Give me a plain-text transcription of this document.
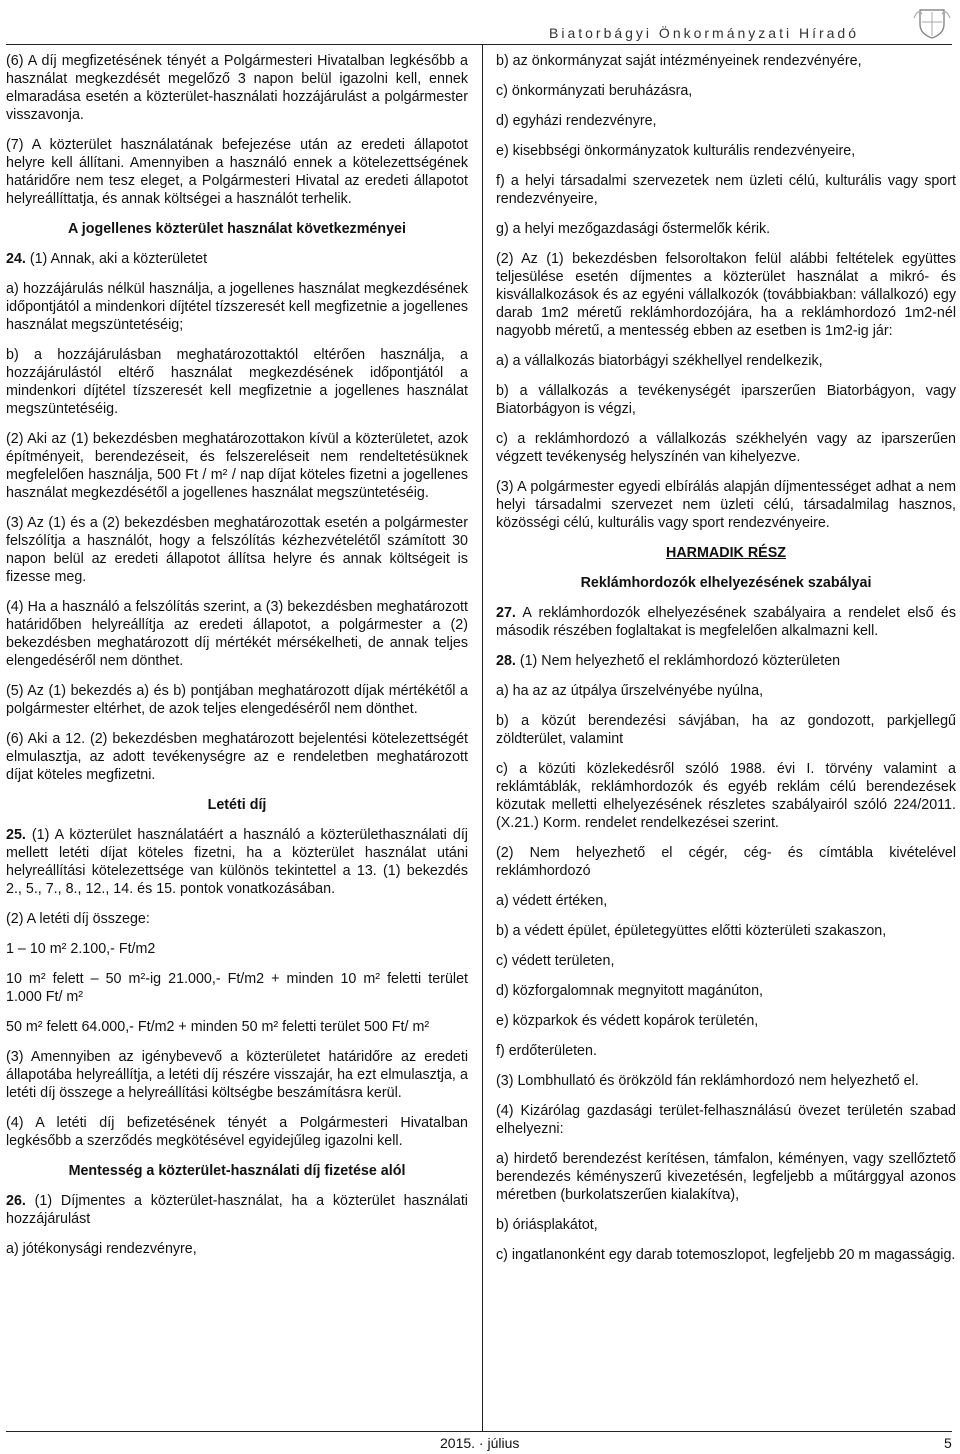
Biatorbágyi Önkormányzati Híradó

(6) A díj megfizetésének tényét a Polgármesteri Hivatalban legkésőbb a használat megkezdését megelőző 3 napon belül igazolni kell, ennek elmaradása esetén a közterület-használati hozzájárulást a polgármester visszavonja.

(7) A közterület használatának befejezése után az eredeti állapotot helyre kell állítani. Amennyiben a használó ennek a kötelezettségének határidőre nem tesz eleget, a Polgármesteri Hivatal az eredeti állapotot helyreállíttatja, és annak költségei a használót terhelik.

A jogellenes közterület használat következményei

24. (1) Annak, aki a közterületet

a) hozzájárulás nélkül használja, a jogellenes használat megkezdésének időpontjától a mindenkori díjtétel tízszeresét kell megfizetnie a jogellenes használat megszüntetéséig;

b) a hozzájárulásban meghatározottaktól eltérően használja, a hozzájárulástól eltérő használat megkezdésének időpontjától a mindenkori díjtétel tízszeresét kell megfizetnie a jogellenes használat megszüntetéséig.

(2) Aki az (1) bekezdésben meghatározottakon kívül a közterületet, azok építményeit, berendezéseit, és felszereléseit nem rendeltetésüknek megfelelően használja, 500 Ft / m² / nap díjat köteles fizetni a jogellenes használat megkezdésétől a jogellenes használat megszüntetéséig.

(3) Az (1) és a (2) bekezdésben meghatározottak esetén a polgármester felszólítja a használót, hogy a felszólítás kézhezvételétől számított 30 napon belül az eredeti állapotot állítsa helyre és annak költségeit is fizesse meg.

(4) Ha a használó a felszólítás szerint, a (3) bekezdésben meghatározott határidőben helyreállítja az eredeti állapotot, a polgármester a (2) bekezdésben meghatározott díj mértékét mérsékelheti, de annak teljes elengedéséről nem dönthet.

(5) Az (1) bekezdés a) és b) pontjában meghatározott díjak mértékétől a polgármester eltérhet, de azok teljes elengedéséről nem dönthet.

(6) Aki a 12. (2) bekezdésben meghatározott bejelentési kötelezettségét elmulasztja, az adott tevékenységre az e rendeletben meghatározott díjat köteles megfizetni.

Letéti díj

25. (1) A közterület használatáért a használó a közterülethasználati díj mellett letéti díjat köteles fizetni, ha a közterület használat utáni helyreállítási kötelezettsége van különös tekintettel a 13. (1) bekezdés 2., 5., 7., 8., 12., 14. és 15. pontok vonatkozásában.

(2) A letéti díj összege:

1 – 10 m² 2.100,- Ft/m2

10 m² felett – 50 m²-ig 21.000,- Ft/m2 + minden 10 m² feletti terület 1.000 Ft/ m²

50 m² felett 64.000,- Ft/m2 + minden 50 m² feletti terület 500 Ft/ m²

(3) Amennyiben az igénybevevő a közterületet határidőre az eredeti állapotába helyreállítja, a letéti díj részére visszajár, ha ezt elmulasztja, a letéti díj összege a helyreállítási költségbe beszámításra kerül.

(4) A letéti díj befizetésének tényét a Polgármesteri Hivatalban legkésőbb a szerződés megkötésével egyidejűleg igazolni kell.

Mentesség a közterület-használati díj fizetése alól

26. (1) Díjmentes a közterület-használat, ha a közterület használati hozzájárulást

a) jótékonysági rendezvényre,

b) az önkormányzat saját intézményeinek rendezvényére,

c) önkormányzati beruházásra,

d) egyházi rendezvényre,

e) kisebbségi önkormányzatok kulturális rendezvényeire,

f) a helyi társadalmi szervezetek nem üzleti célú, kulturális vagy sport rendezvényeire,

g) a helyi mezőgazdasági őstermelők kérik.

(2) Az (1) bekezdésben felsoroltakon felül alábbi feltételek együttes teljesülése esetén díjmentes a közterület használat a mikró- és kisvállalkozások és az egyéni vállalkozók (továbbiakban: vállalkozó) egy darab 1m2 méretű reklámhordozójára, ha a reklámhordozó 1m2-nél nagyobb méretű, a mentesség ebben az esetben is 1m2-ig jár:

a) a vállalkozás biatorbágyi székhellyel rendelkezik,

b) a vállalkozás a tevékenységét iparszerűen Biatorbágyon, vagy Biatorbágyon is végzi,

c) a reklámhordozó a vállalkozás székhelyén vagy az iparszerűen végzett tevékenység helyszínén van kihelyezve.

(3) A polgármester egyedi elbírálás alapján díjmentességet adhat a nem helyi társadalmi szervezet nem üzleti célú, társadalmilag hasznos, közösségi célú, kulturális vagy sport rendezvényeire.

HARMADIK RÉSZ
Reklámhordozók elhelyezésének szabályai

27. A reklámhordozók elhelyezésének szabályaira a rendelet első és második részében foglaltakat is megfelelően alkalmazni kell.

28. (1) Nem helyezhető el reklámhordozó közterületen

a) ha az az útpálya űrszelvényébe nyúlna,

b) a közút berendezési sávjában, ha az gondozott, parkjellegű zöldterület, valamint

c) a közúti közlekedésről szóló 1988. évi I. törvény valamint a reklámtáblák, reklámhordozók és egyéb reklám célú berendezések közutak melletti elhelyezésének részletes szabályairól szóló 224/2011.(X.21.) Korm. rendelet rendelkezései szerint.

(2) Nem helyezhető el cégér, cég- és címtábla kivételével reklámhordozó

a) védett értéken,

b) a védett épület, épületegyüttes előtti közterületi szakaszon,

c) védett területen,

d) közforgalomnak megnyitott magánúton,

e) közparkok és védett kopárok területén,

f) erdőterületen.

(3) Lombhullató és örökzöld fán reklámhordozó nem helyezhető el.

(4) Kizárólag gazdasági terület-felhasználású övezet területén szabad elhelyezni:

a) hirdető berendezést kerítésen, támfalon, kéményen, vagy szellőztető berendezés kéményszerű kivezetésén, legfeljebb a műtárggyal azonos méretben (burkolatszerűen kialakítva),

b) óriásplakátot,

c) ingatlanonként egy darab totemoszlopot, legfeljebb 20 m magasságig.

2015. · július	5
